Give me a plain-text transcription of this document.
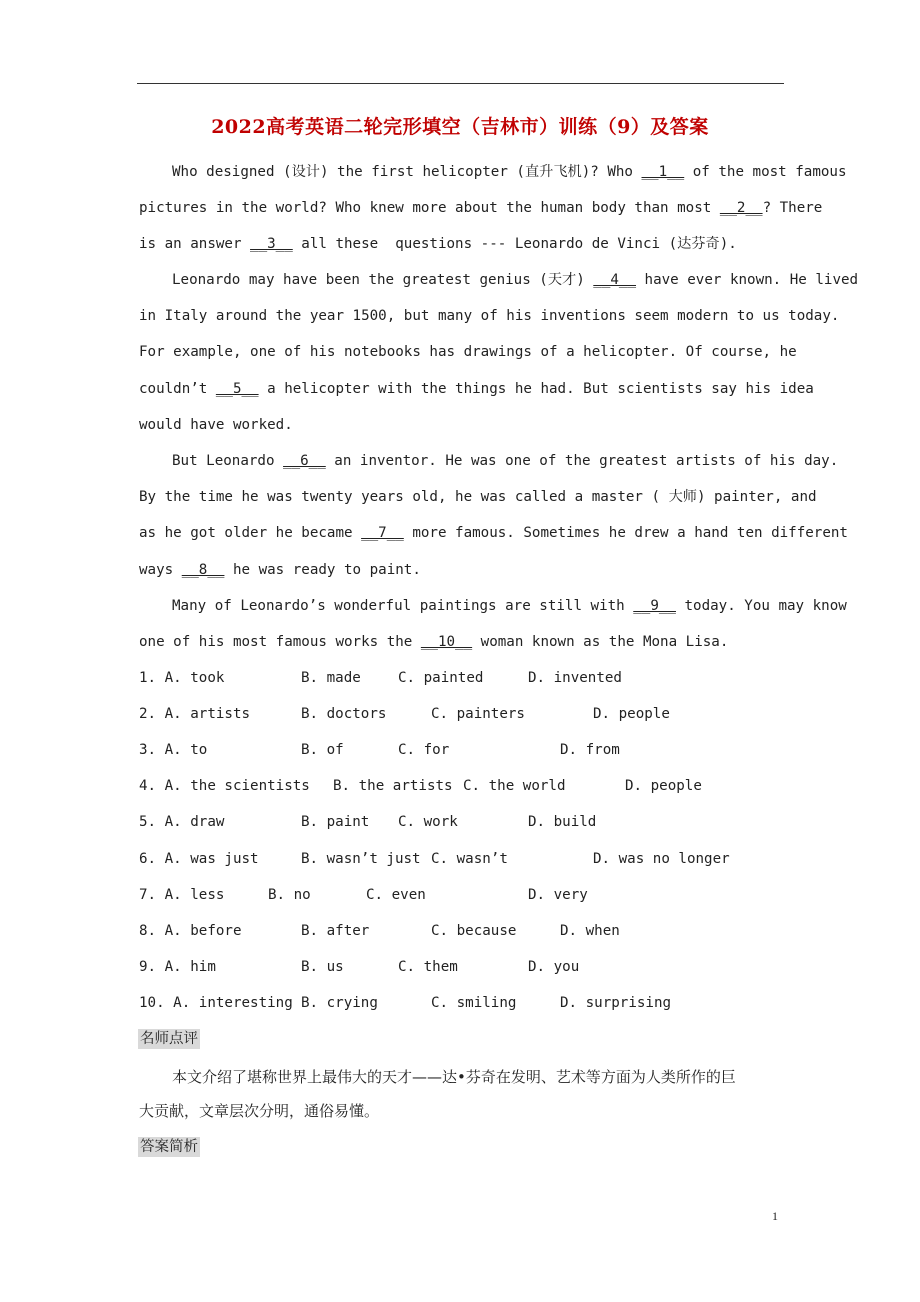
2022高考英语二轮完形填空（吉林市）训练（9）及答案
Who designed (设计) the first helicopter (直升飞机)? Who __1__ of the most famous
pictures in the world? Who knew more about the human body than most __2__? There
is an answer __3__ all these  questions --- Leonardo de Vinci (达芬奇).
Leonardo may have been the greatest genius (天才) __4__ have ever known. He lived
in Italy around the year 1500, but many of his inventions seem modern to us today.
For example, one of his notebooks has drawings of a helicopter. Of course, he
couldn’t __5__ a helicopter with the things he had. But scientists say his idea
would have worked.
But Leonardo __6__ an inventor. He was one of the greatest artists of his day.
By the time he was twenty years old, he was called a master ( 大师) painter, and
as he got older he became __7__ more famous. Sometimes he drew a hand ten different
ways __8__ he was ready to paint.
Many of Leonardo’s wonderful paintings are still with __9__ today. You may know
one of his most famous works the __10__ woman known as the Mona Lisa.

1. A. took

	B. made

	C. painted

	D. invented

2. A. artists

	B. doctors

	C. painters

	D. people

3. A. to

	B. of

	C. for

	D. from

4. A. the scientists

B. the artists

C. the world

	D. people

5. A. draw

	B. paint

C. work

	D. build

6. A. was just

	B. wasn’t just

C. wasn’t

	D. was no longer

7. A. less

	B. no

	C. even

	D. very

8. A. before

	B. after

	C. because

	D. when

9. A. him

	B. us

	C. them

	D. you

10. A. interesting

B. crying

	C. smiling

	D. surprising

名师点评
本文介绍了堪称世界上最伟大的天才——达•芬奇在发明、艺术等方面为人类所作的巨
大贡献，文章层次分明，通俗易懂。
答案简析
1
